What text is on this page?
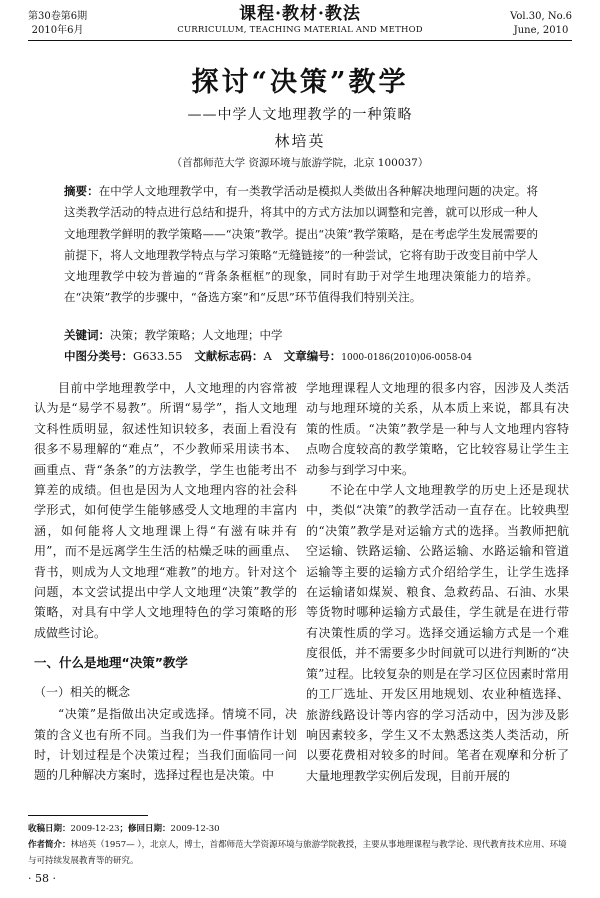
第30卷第6期
2010年6月
课程·教材·教法
CURRICULUM, TEACHING MATERIAL AND METHOD
Vol.30, No.6
June, 2010
探讨“决策”教学
——中学人文地理教学的一种策略
林培英
（首都师范大学 资源环境与旅游学院，北京 100037）
摘要：在中学人文地理教学中，有一类教学活动是模拟人类做出各种解决地理问题的决定。将这类教学活动的特点进行总结和提升，将其中的方式方法加以调整和完善，就可以形成一种人文地理教学鲜明的教学策略——“决策”教学。提出“决策”教学策略，是在考虑学生发展需要的前提下，将人文地理教学特点与学习策略“无缝链接”的一种尝试，它将有助于改变目前中学人文地理教学中较为普遍的“背条条框框”的现象，同时有助于对学生地理决策能力的培养。在“决策”教学的步骤中，“备选方案”和“反思”环节值得我们特别关注。
关键词：决策；教学策略；人文地理；中学
中图分类号：G633.55 文献标志码：A 文章编号：1000-0186(2010)06-0058-04

目前中学地理教学中，人文地理的内容常被认为是“易学不易教”。所谓“易学”，指人文地理文科性质明显，叙述性知识较多，表面上看没有很多不易理解的“难点”，不少教师采用读书本、画重点、背“条条”的方法教学，学生也能考出不算差的成绩。但也是因为人文地理内容的社会科学形式，如何使学生能够感受人文地理的丰富内涵，如何能将人文地理课上得“有滋有味并有用”，而不是远离学生生活的枯燥乏味的画重点、背书，则成为人文地理“难教”的地方。针对这个问题，本文尝试提出中学人文地理“决策”教学的策略，对具有中学人文地理特色的学习策略的形成做些讨论。

一、什么是地理“决策”教学
（一）相关的概念

“决策”是指做出决定或选择。情境不同，决策的含义也有所不同。当我们为一件事情作计划时，计划过程是个决策过程；当我们面临同一问题的几种解决方案时，选择过程也是决策。中

学地理课程人文地理的很多内容，因涉及人类活动与地理环境的关系，从本质上来说，都具有决策的性质。“决策”教学是一种与人文地理内容特点吻合度较高的教学策略，它比较容易让学生主动参与到学习中来。

不论在中学人文地理教学的历史上还是现状中，类似“决策”的教学活动一直存在。比较典型的“决策”教学是对运输方式的选择。当教师把航空运输、铁路运输、公路运输、水路运输和管道运输等主要的运输方式介绍给学生，让学生选择在运输诸如煤炭、粮食、急救药品、石油、水果等货物时哪种运输方式最佳，学生就是在进行带有决策性质的学习。选择交通运输方式是一个难度很低，并不需要多少时间就可以进行判断的“决策”过程。比较复杂的则是在学习区位因素时常用的工厂选址、开发区用地规划、农业种植选择、旅游线路设计等内容的学习活动中，因为涉及影响因素较多，学生又不太熟悉这类人类活动，所以要花费相对较多的时间。笔者在观摩和分析了大量地理教学实例后发现，目前开展的

收稿日期：2009-12-23；修回日期：2009-12-30
作者简介：林培英（1957— ），北京人，博士，首都师范大学资源环境与旅游学院教授，主要从事地理课程与教学论、现代教育技术应用、环境与可持续发展教育等的研究。
· 58 ·
